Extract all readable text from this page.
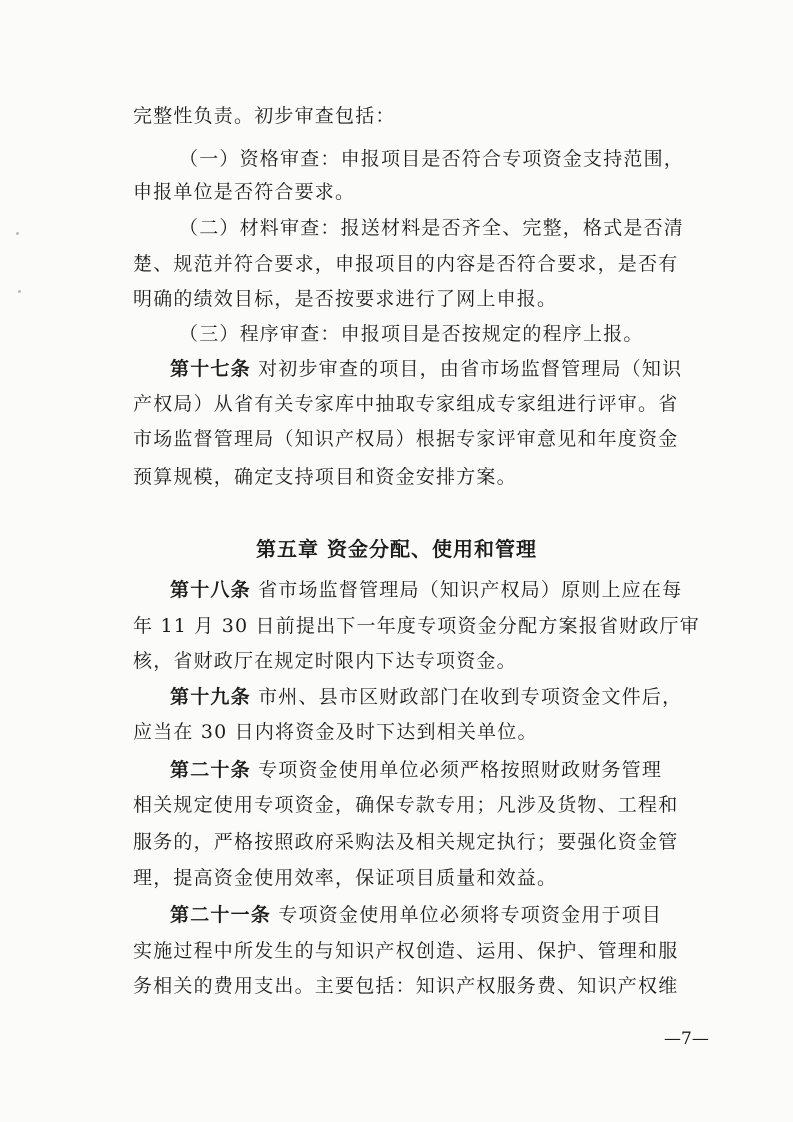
完整性负责。初步审查包括：
（一）资格审查：申报项目是否符合专项资金支持范围，
申报单位是否符合要求。
（二）材料审查：报送材料是否齐全、完整，格式是否清
楚、规范并符合要求，申报项目的内容是否符合要求，是否有
明确的绩效目标，是否按要求进行了网上申报。
（三）程序审查：申报项目是否按规定的程序上报。
第十七条 对初步审查的项目，由省市场监督管理局（知识
产权局）从省有关专家库中抽取专家组成专家组进行评审。省
市场监督管理局（知识产权局）根据专家评审意见和年度资金
预算规模，确定支持项目和资金安排方案。
第五章 资金分配、使用和管理
第十八条 省市场监督管理局（知识产权局）原则上应在每
年 11 月 30 日前提出下一年度专项资金分配方案报省财政厅审
核，省财政厅在规定时限内下达专项资金。
第十九条 市州、县市区财政部门在收到专项资金文件后，
应当在 30 日内将资金及时下达到相关单位。
第二十条 专项资金使用单位必须严格按照财政财务管理
相关规定使用专项资金，确保专款专用；凡涉及货物、工程和
服务的，严格按照政府采购法及相关规定执行；要强化资金管
理，提高资金使用效率，保证项目质量和效益。
第二十一条 专项资金使用单位必须将专项资金用于项目
实施过程中所发生的与知识产权创造、运用、保护、管理和服
务相关的费用支出。主要包括：知识产权服务费、知识产权维
—7—
